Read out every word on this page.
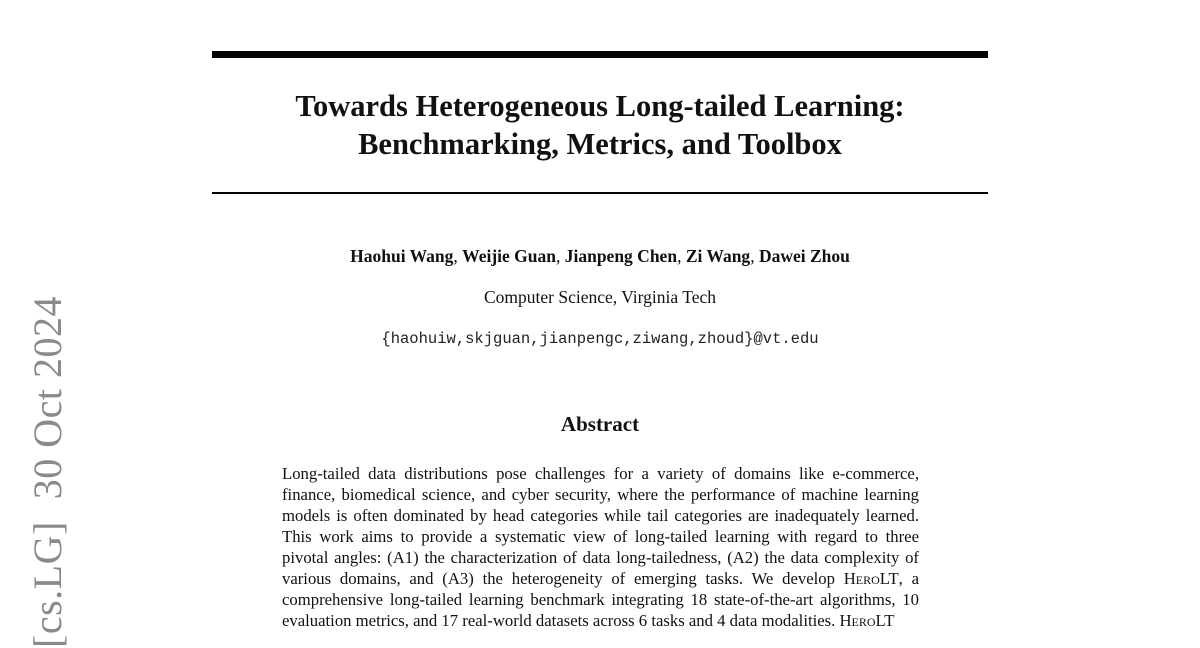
Towards Heterogeneous Long-tailed Learning:
Benchmarking, Metrics, and Toolbox
Haohui Wang, Weijie Guan, Jianpeng Chen, Zi Wang, Dawei Zhou
Computer Science, Virginia Tech
{haohuiw,skjguan,jianpengc,ziwang,zhoud}@vt.edu
Abstract

Long-tailed data distributions pose challenges for a variety of domains like e-commerce, finance, biomedical science, and cyber security, where the performance of machine learning models is often dominated by head categories while tail categories are inadequately learned. This work aims to provide a systematic view of long-tailed learning with regard to three pivotal angles: (A1) the characterization of data long-tailedness, (A2) the data complexity of various domains, and (A3) the heterogeneity of emerging tasks. We develop HeroLT, a comprehensive long-tailed learning benchmark integrating 18 state-of-the-art algorithms, 10 evaluation metrics, and 17 real-world datasets across 6 tasks and 4 data modalities. HeroLT

[cs.LG]30 Oct 2024
